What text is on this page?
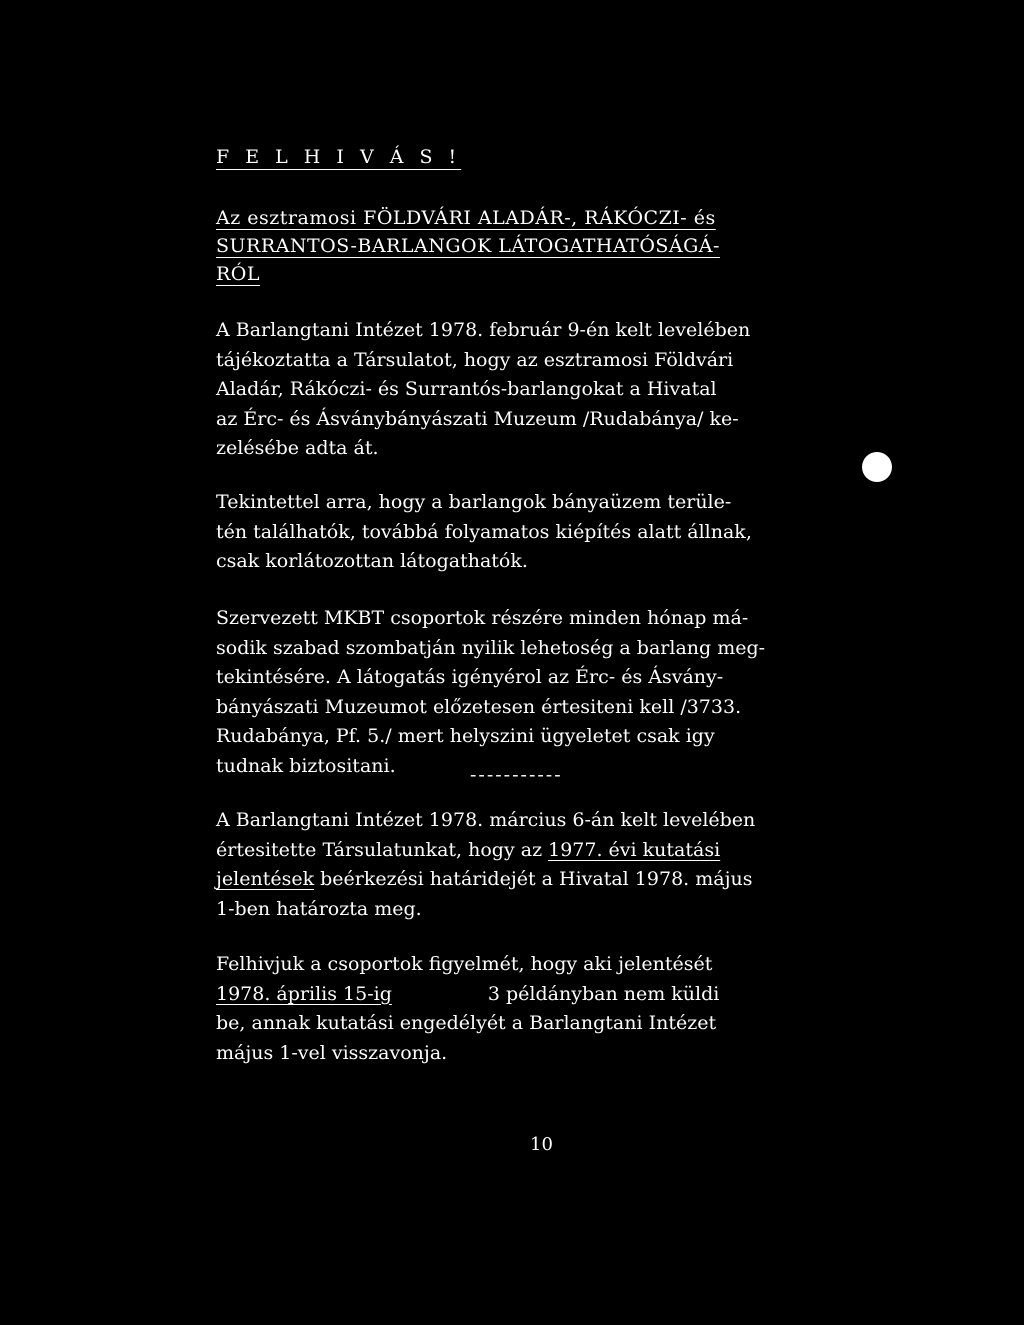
F E L H I V Á S !
Az esztramosi FÖLDVÁRI ALADÁR-, RÁKÓCZI- és
SURRANTOS-BARLANGOK LÁTOGATHATÓSÁGÁ-
RÓL

A Barlangtani Intézet 1978. február 9-én kelt levelében
tájékoztatta a Társulatot, hogy az esztramosi Földvári
Aladár, Rákóczi- és Surrantós-barlangokat a Hivatal
az Érc- és Ásványbányászati Muzeum /Rudabánya/ ke-
zelésébe adta át.

Tekintettel arra, hogy a barlangok bányaüzem terüle-
tén találhatók, továbbá folyamatos kiépítés alatt állnak,
csak korlátozottan látogathatók.

Szervezett MKBT csoportok részére minden hónap má-
sodik szabad szombatján nyilik lehetoség a barlang meg-
tekintésére. A látogatás igényérol az Érc- és Ásvány-
bányászati Muzeumot előzetesen értesiteni kell /3733.
Rudabánya, Pf. 5./ mert helyszini ügyeletet csak igy
tudnak biztositani.	-----------

A Barlangtani Intézet 1978. március 6-án kelt levelében
értesitette Társulatunkat, hogy az 1977. évi kutatási
jelentések beérkezési határidejét a Hivatal 1978. május
1-ben határozta meg.

Felhivjuk a csoportok figyelmét, hogy aki jelentését
1978. április 15-ig	3 példányban nem küldi
be, annak kutatási engedélyét a Barlangtani Intézet
május 1-vel visszavonja.

10
